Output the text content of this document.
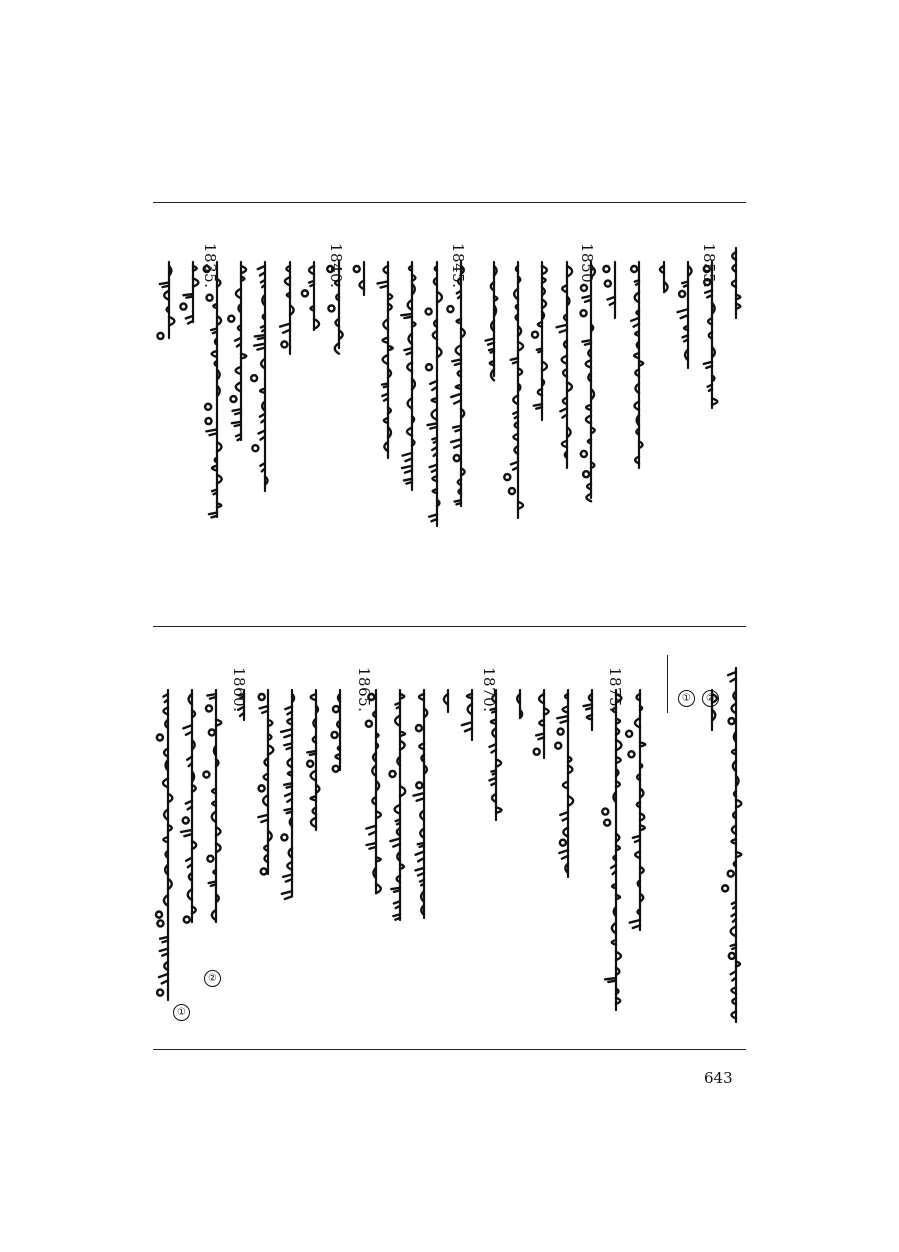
1855.
1850.
1845.
1840.
1835.
1875.
1870.
1865.
1860.	②
①
②
①
643
